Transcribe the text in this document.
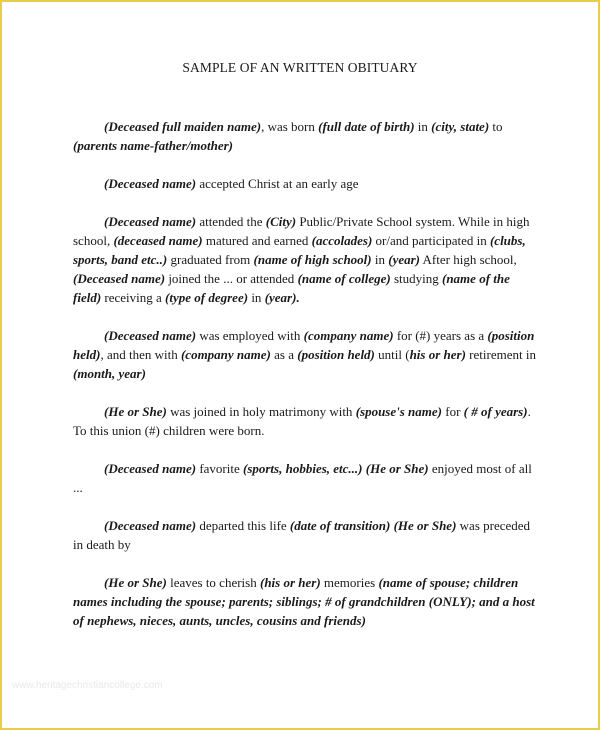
SAMPLE OF AN WRITTEN OBITUARY

(Deceased full maiden name), was born (full date of birth) in (city, state) to (parents name-father/mother)

(Deceased name) accepted Christ at an early age

(Deceased name) attended the (City) Public/Private School system. While in high school, (deceased name) matured and earned (accolades) or/and participated in (clubs, sports, band etc..) graduated from (name of high school) in (year) After high school, (Deceased name) joined the ... or attended (name of college) studying (name of the field) receiving a (type of degree) in (year).

(Deceased name) was employed with (company name) for (#) years as a (position held), and then with (company name) as a (position held) until (his or her) retirement in (month, year)

(He or She) was joined in holy matrimony with (spouse's name) for ( # of years). To this union (#) children were born.

(Deceased name) favorite (sports, hobbies, etc...) (He or She) enjoyed most of all ...

(Deceased name) departed this life (date of transition) (He or She) was preceded in death by

(He or She) leaves to cherish (his or her) memories (name of spouse; children names including the spouse; parents; siblings; # of grandchildren (ONLY); and a host of nephews, nieces, aunts, uncles, cousins and friends)

www.heritagechristiancollege.com
